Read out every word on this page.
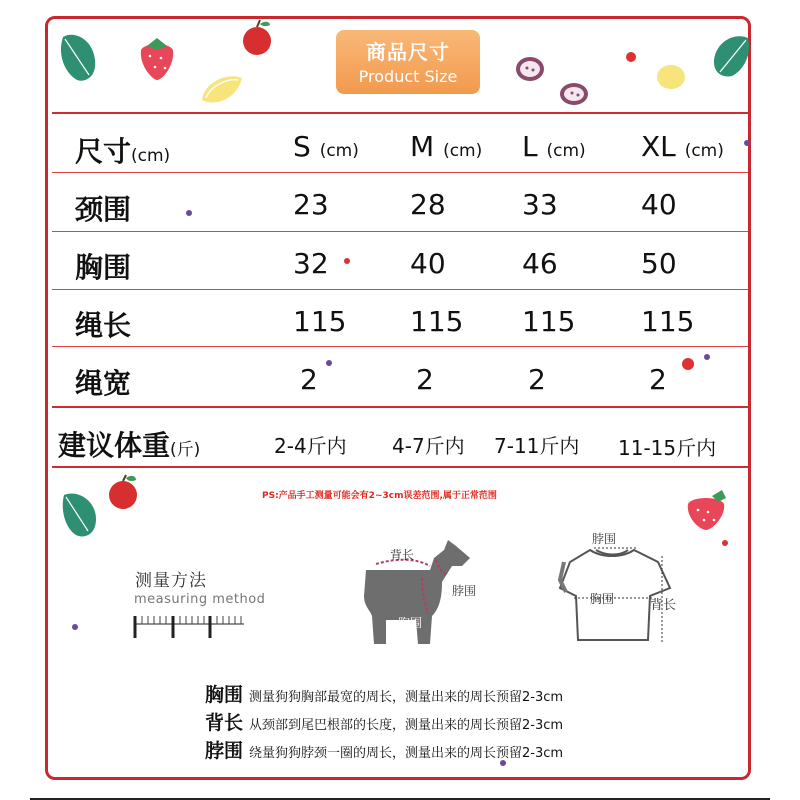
商品尺寸
Product Size
尺寸(cm)	S (cm) M (cm) L (cm) XL (cm)
颈围	23	28	33	40
胸围	32	40	46	50
绳长	115 115 115 115
绳宽	2	2	2	2
建议体重(斤)	2-4斤内 4-7斤内 7-11斤内 11-15斤内
PS:产品手工测量可能会有2~3cm误差范围,属于正常范围
测量方法
measuring method
背长
脖围
胸围
脖围
胸围	背长
胸围 测量狗狗胸部最宽的周长，测量出来的周长预留2-3cm
背长 从颈部到尾巴根部的长度，测量出来的周长预留2-3cm
脖围 绕量狗狗脖颈一圈的周长，测量出来的周长预留2-3cm
